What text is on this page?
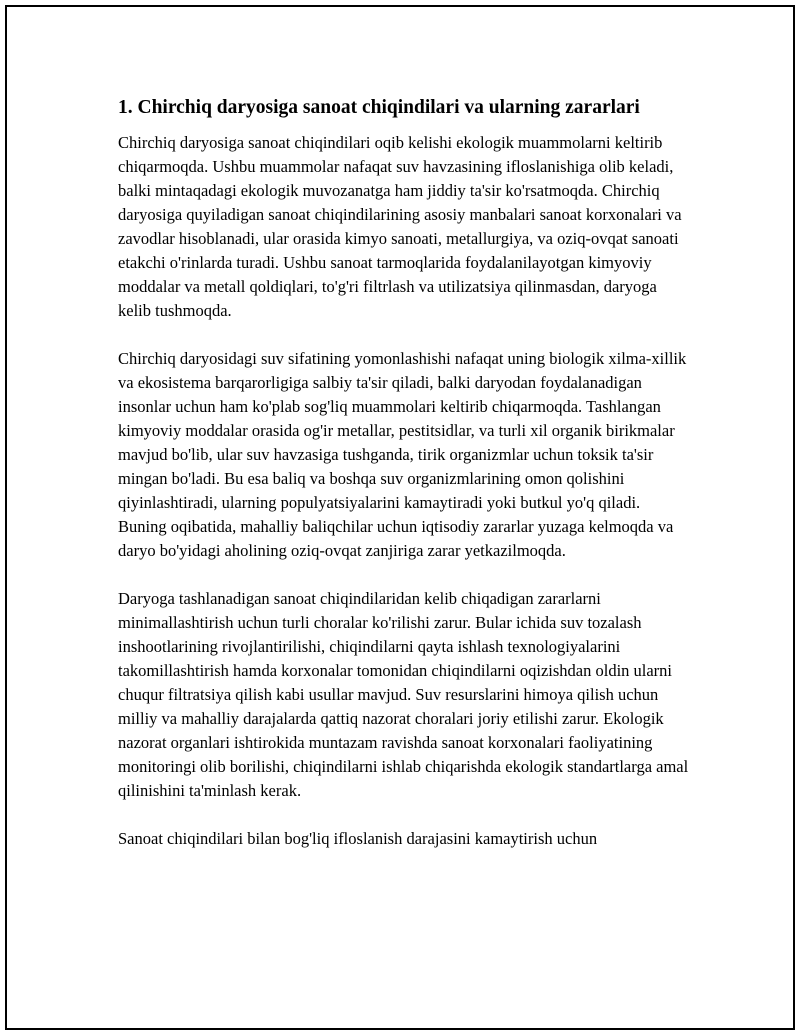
1. Chirchiq daryosiga sanoat chiqindilari va ularning zararlari

Chirchiq daryosiga sanoat chiqindilari oqib kelishi ekologik muammolarni keltirib chiqarmoqda. Ushbu muammolar nafaqat suv havzasining ifloslanishiga olib keladi, balki mintaqadagi ekologik muvozanatga ham jiddiy ta'sir ko'rsatmoqda. Chirchiq daryosiga quyiladigan sanoat chiqindilarining asosiy manbalari sanoat korxonalari va zavodlar hisoblanadi, ular orasida kimyo sanoati, metallurgiya, va oziq-ovqat sanoati etakchi o'rinlarda turadi. Ushbu sanoat tarmoqlarida foydalanilayotgan kimyoviy moddalar va metall qoldiqlari, to'g'ri filtrlash va utilizatsiya qilinmasdan, daryoga kelib tushmoqda.

Chirchiq daryosidagi suv sifatining yomonlashishi nafaqat uning biologik xilma-xillik va ekosistema barqarorligiga salbiy ta'sir qiladi, balki daryodan foydalanadigan insonlar uchun ham ko'plab sog'liq muammolari keltirib chiqarmoqda. Tashlangan kimyoviy moddalar orasida og'ir metallar, pestitsidlar, va turli xil organik birikmalar mavjud bo'lib, ular suv havzasiga tushganda, tirik organizmlar uchun toksik ta'sir mingan bo'ladi. Bu esa baliq va boshqa suv organizmlarining omon qolishini qiyinlashtiradi, ularning populyatsiyalarini kamaytiradi yoki butkul yo'q qiladi. Buning oqibatida, mahalliy baliqchilar uchun iqtisodiy zararlar yuzaga kelmoqda va daryo bo'yidagi aholining oziq-ovqat zanjiriga zarar yetkazilmoqda.

Daryoga tashlanadigan sanoat chiqindilaridan kelib chiqadigan zararlarni minimallashtirish uchun turli choralar ko'rilishi zarur. Bular ichida suv tozalash inshootlarining rivojlantirilishi, chiqindilarni qayta ishlash texnologiyalarini takomillashtirish hamda korxonalar tomonidan chiqindilarni oqizishdan oldin ularni chuqur filtratsiya qilish kabi usullar mavjud. Suv resurslarini himoya qilish uchun milliy va mahalliy darajalarda qattiq nazorat choralari joriy etilishi zarur. Ekologik nazorat organlari ishtirokida muntazam ravishda sanoat korxonalari faoliyatining monitoringi olib borilishi, chiqindilarni ishlab chiqarishda ekologik standartlarga amal qilinishini ta'minlash kerak.

Sanoat chiqindilari bilan bog'liq ifloslanish darajasini kamaytirish uchun
